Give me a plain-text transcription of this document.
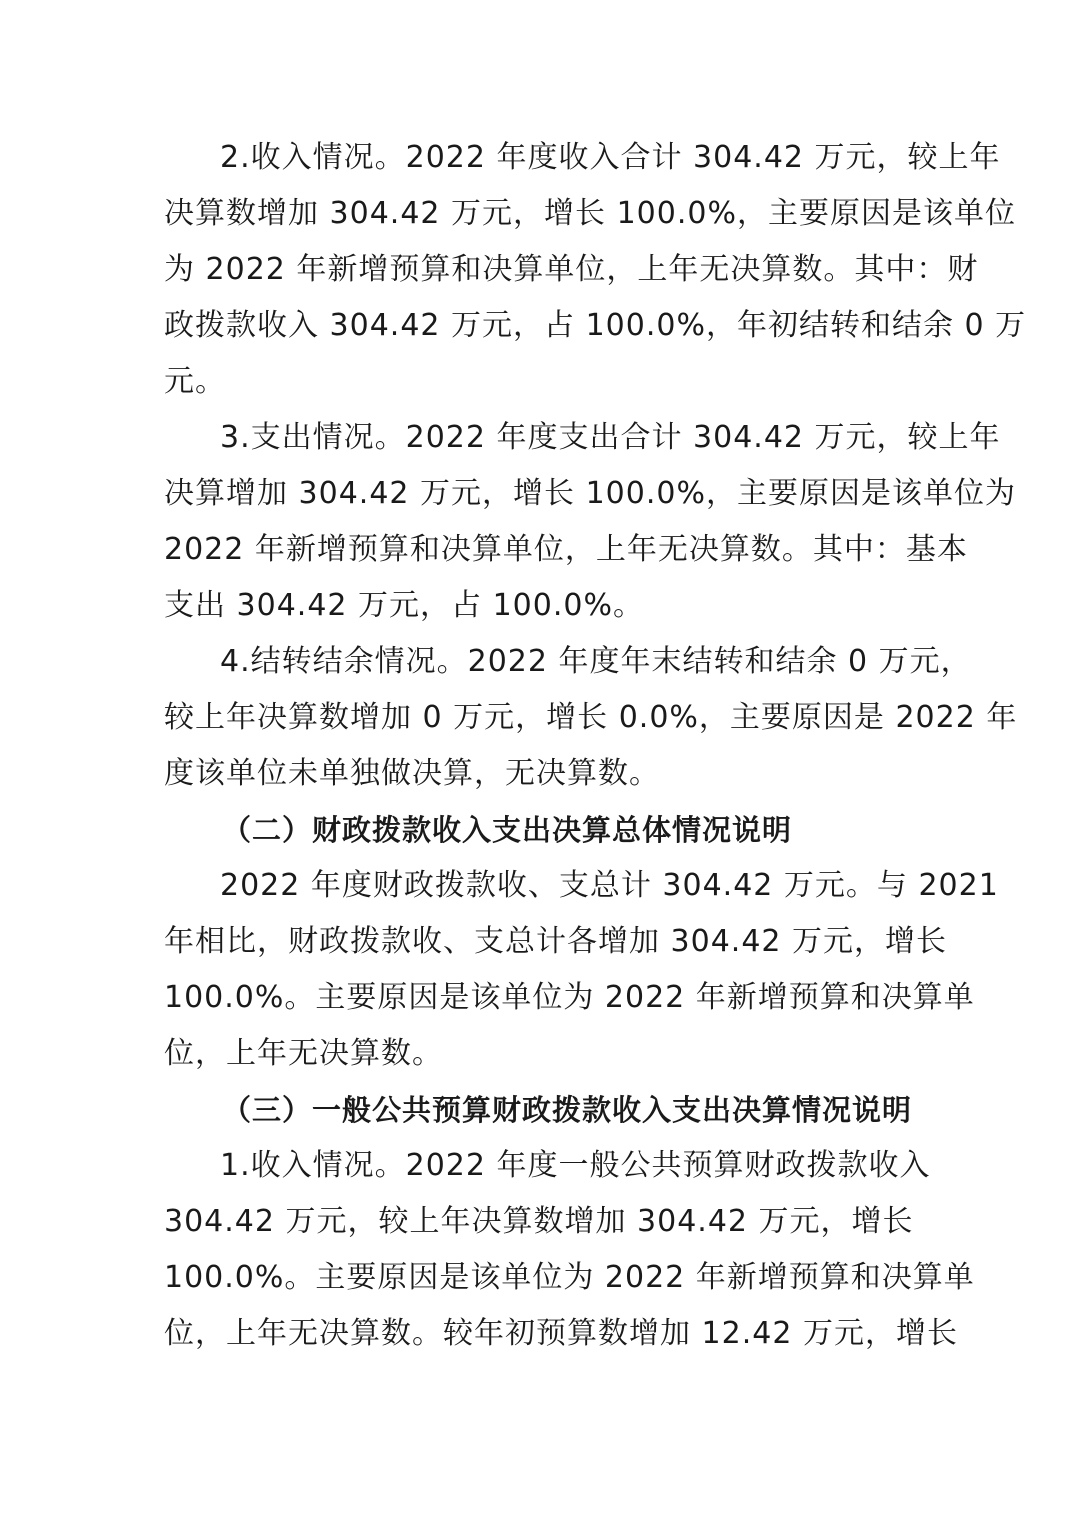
2.收入情况。2022 年度收入合计 304.42 万元，较上年
决算数增加 304.42 万元，增长 100.0%，主要原因是该单位
为 2022 年新增预算和决算单位，上年无决算数。其中：财
政拨款收入 304.42 万元，占 100.0%，年初结转和结余 0 万
元。
3.支出情况。2022 年度支出合计 304.42 万元，较上年
决算增加 304.42 万元，增长 100.0%，主要原因是该单位为
2022 年新增预算和决算单位，上年无决算数。其中：基本
支出 304.42 万元，占 100.0%。
4.结转结余情况。2022 年度年末结转和结余 0 万元，
较上年决算数增加 0 万元，增长 0.0%，主要原因是 2022 年
度该单位未单独做决算，无决算数。
（二）财政拨款收入支出决算总体情况说明
2022 年度财政拨款收、支总计 304.42 万元。与 2021
年相比，财政拨款收、支总计各增加 304.42 万元，增长
100.0%。主要原因是该单位为 2022 年新增预算和决算单
位，上年无决算数。
（三）一般公共预算财政拨款收入支出决算情况说明
1.收入情况。2022 年度一般公共预算财政拨款收入
304.42 万元，较上年决算数增加 304.42 万元，增长
100.0%。主要原因是该单位为 2022 年新增预算和决算单
位，上年无决算数。较年初预算数增加 12.42 万元，增长
